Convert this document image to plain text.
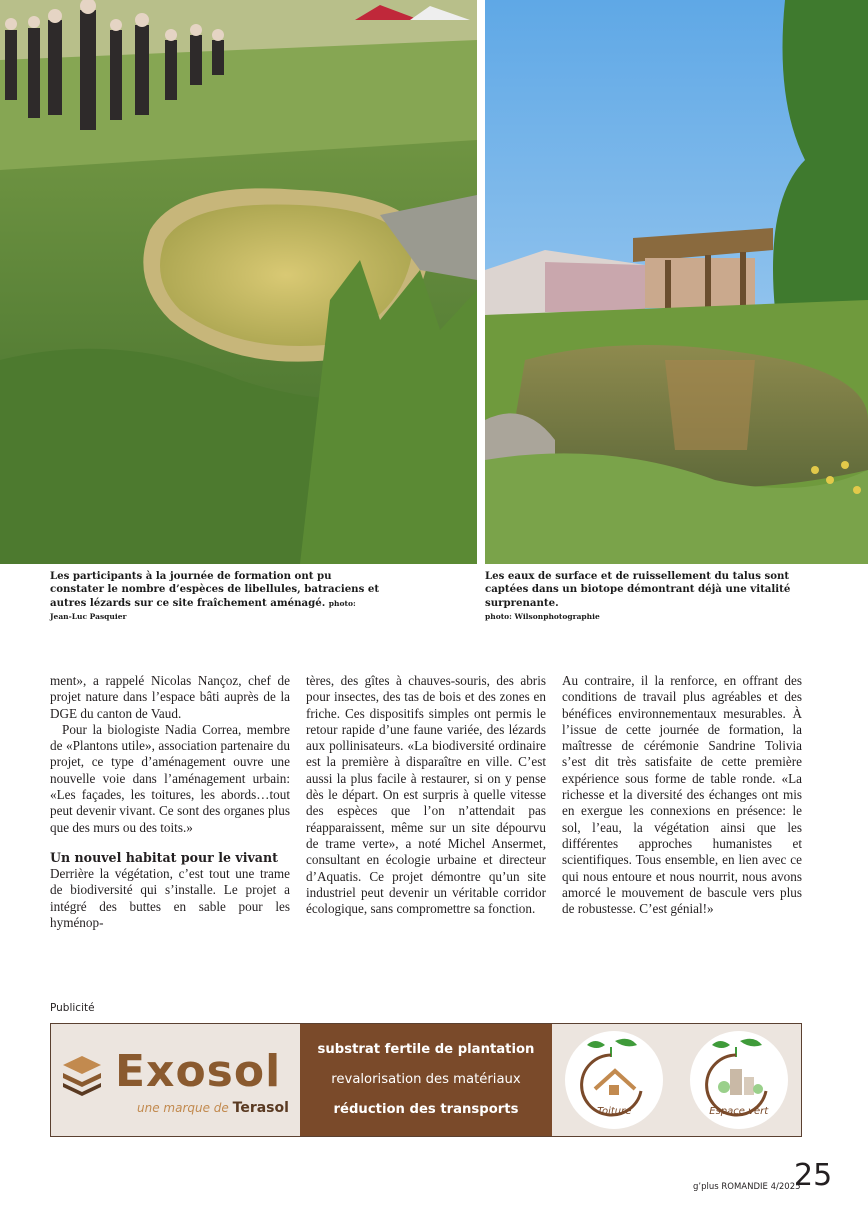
Les participants à la journée de formation ont pu constater le nombre d’espèces de libellules, batraciens et autres lézards sur ce site fraîchement aménagé. photo: Jean-Luc Pasquier
Les eaux de surface et de ruissellement du talus sont captées dans un biotope démontrant déjà une vitalité surprenante.
photo: Wilsonphotographie

ment», a rappelé Nicolas Nançoz, chef de projet nature dans l’espace bâti auprès de la DGE du canton de Vaud.

Pour la biologiste Nadia Correa, membre de «Plantons utile», association partenaire du projet, ce type d’aménagement ouvre une nouvelle voie dans l’aménagement urbain: «Les façades, les toitures, les abords…tout peut devenir vivant. Ce sont des organes plus que des murs ou des toits.»

Un nouvel habitat pour le vivant

Derrière la végétation, c’est tout une trame de biodiversité qui s’installe. Le projet a intégré des buttes en sable pour les hyménop-

tères, des gîtes à chauves-souris, des abris pour insectes, des tas de bois et des zones en friche. Ces dispositifs simples ont permis le retour rapide d’une faune variée, des lézards aux pollinisateurs. «La biodiversité ordinaire est la première à disparaître en ville. C’est aussi la plus facile à restaurer, si on y pense dès le départ. On est surpris à quelle vitesse des espèces que l’on n’attendait pas réapparaissent, même sur un site dépourvu de trame verte», a noté Michel Ansermet, consultant en écologie urbaine et directeur d’Aquatis. Ce projet démontre qu’un site industriel peut devenir un véritable corridor écologique, sans compromettre sa fonction.

Au contraire, il la renforce, en offrant des conditions de travail plus agréables et des bénéfices environnementaux mesurables. À l’issue de cette journée de formation, la maîtresse de cérémonie Sandrine Tolivia s’est dit très satisfaite de cette première expérience sous forme de table ronde. «La richesse et la diversité des échanges ont mis en exergue les connexions en présence: le sol, l’eau, la végétation ainsi que les différentes approches humanistes et scientifiques. Tous ensemble, en lien avec ce qui nous entoure et nous nourrit, nous avons amorcé le mouvement de bascule vers plus de robustesse. C’est génial!»

Publicité
Exosol
une marque de Terasol
substrat fertile de plantation
revalorisation des matériaux
réduction des transports	Toiture	Espace vert
g’plus ROMANDIE 4/2025
25
